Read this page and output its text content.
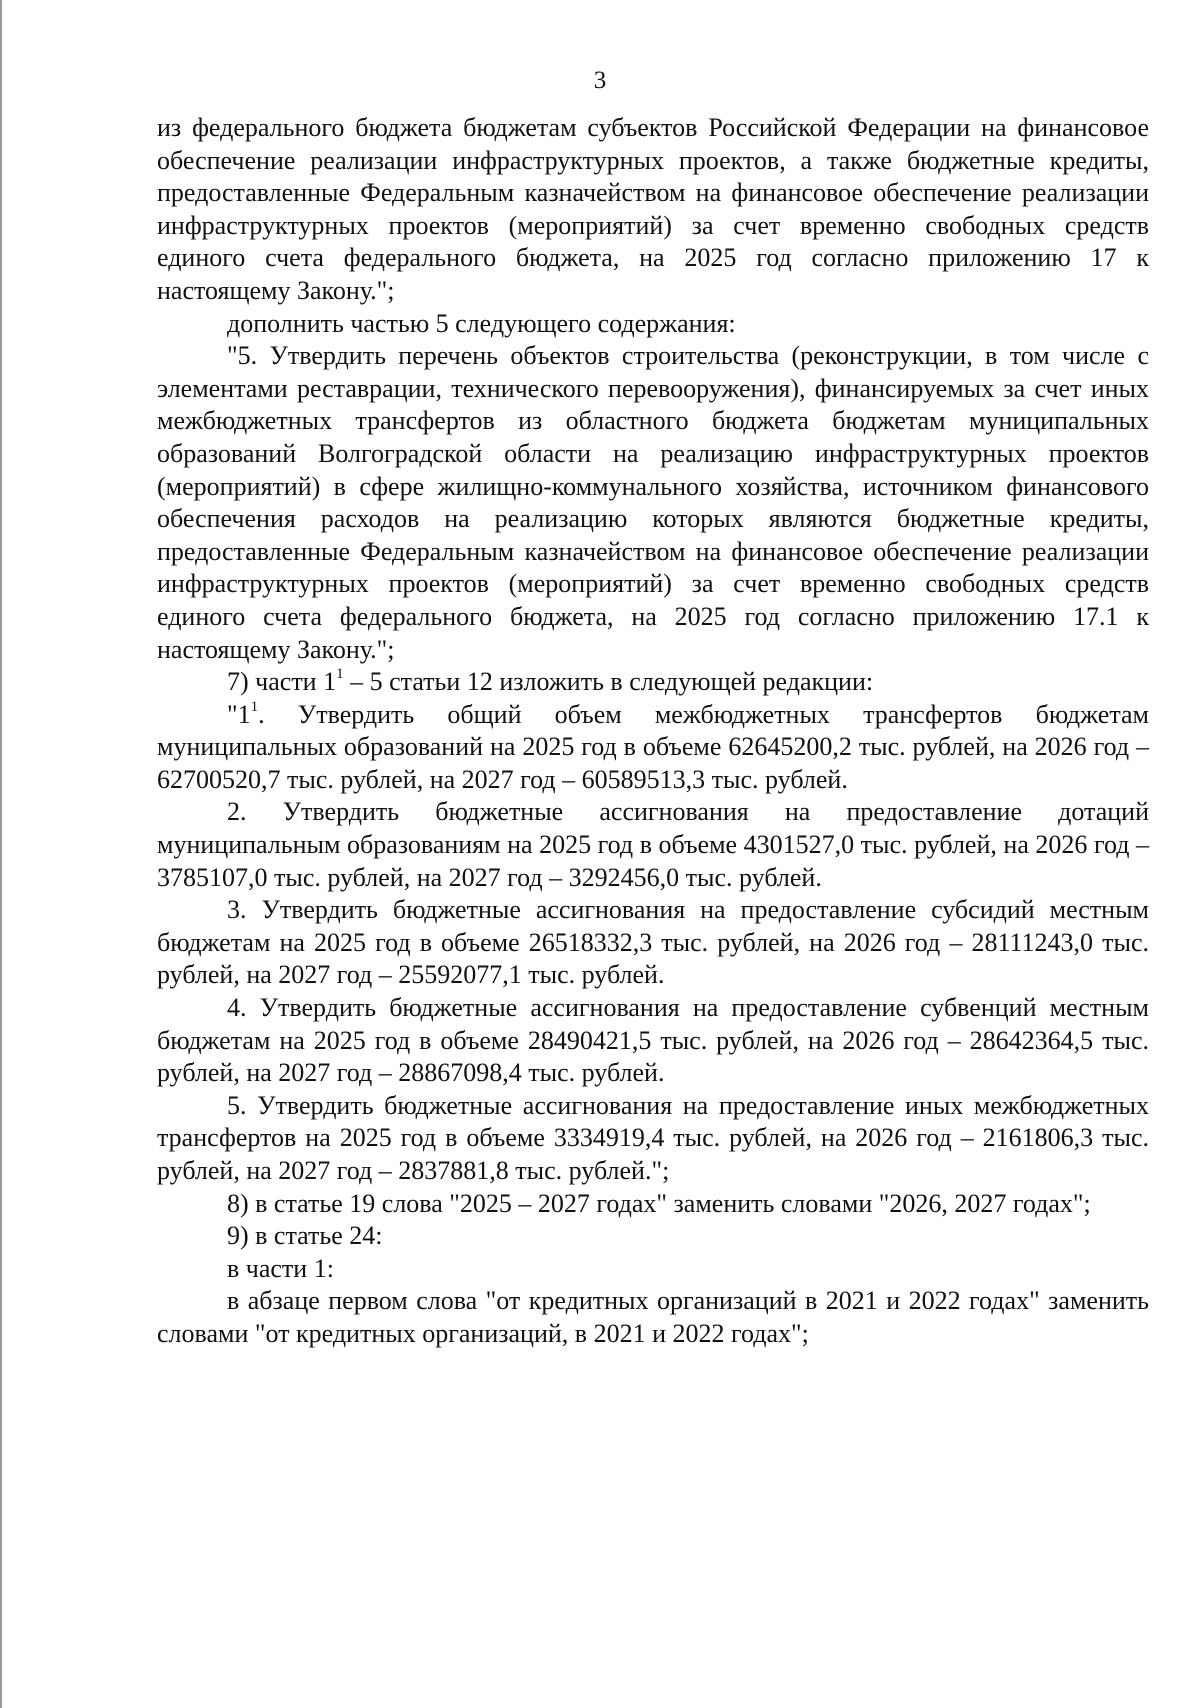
3

из федерального бюджета бюджетам субъектов Российской Федерации на финансовое обеспечение реализации инфраструктурных проектов, а также бюджетные кредиты, предоставленные Федеральным казначейством на финансовое обеспечение реализации инфраструктурных проектов (мероприятий) за счет временно свободных средств единого счета федерального бюджета, на 2025 год согласно приложению 17 к настоящему Закону.";

дополнить частью 5 следующего содержания:

"5. Утвердить перечень объектов строительства (реконструкции, в том числе с элементами реставрации, технического перевооружения), финансируемых за счет иных межбюджетных трансфертов из областного бюджета бюджетам муниципальных образований Волгоградской области на реализацию инфраструктурных проектов (мероприятий) в сфере жилищно-коммунального хозяйства, источником финансового обеспечения расходов на реализацию которых являются бюджетные кредиты, предоставленные Федеральным казначейством на финансовое обеспечение реализации инфраструктурных проектов (мероприятий) за счет временно свободных средств единого счета федерального бюджета, на 2025 год согласно приложению 17.1 к настоящему Закону.";

7) части $1^1 - 5$ статьи 12 изложить в следующей редакции:

"$1^1$. Утвердить общий объем межбюджетных трансфертов бюджетам муниципальных образований на 2025 год в объеме 62645200,2 тыс. рублей, на 2026 год – 62700520,7 тыс. рублей, на 2027 год – 60589513,3 тыс. рублей.

2. Утвердить бюджетные ассигнования на предоставление дотаций муниципальным образованиям на 2025 год в объеме 4301527,0 тыс. рублей, на 2026 год – 3785107,0 тыс. рублей, на 2027 год – 3292456,0 тыс. рублей.

3. Утвердить бюджетные ассигнования на предоставление субсидий местным бюджетам на 2025 год в объеме 26518332,3 тыс. рублей, на 2026 год – 28111243,0 тыс. рублей, на 2027 год – 25592077,1 тыс. рублей.

4. Утвердить бюджетные ассигнования на предоставление субвенций местным бюджетам на 2025 год в объеме 28490421,5 тыс. рублей, на 2026 год – 28642364,5 тыс. рублей, на 2027 год – 28867098,4 тыс. рублей.

5. Утвердить бюджетные ассигнования на предоставление иных межбюджетных трансфертов на 2025 год в объеме 3334919,4 тыс. рублей, на 2026 год – 2161806,3 тыс. рублей, на 2027 год – 2837881,8 тыс. рублей.";

8) в статье 19 слова "2025 – 2027 годах" заменить словами "2026, 2027 годах";

9) в статье 24:

в части 1:

в абзаце первом слова "от кредитных организаций в 2021 и 2022 годах" заменить словами "от кредитных организаций, в 2021 и 2022 годах";
